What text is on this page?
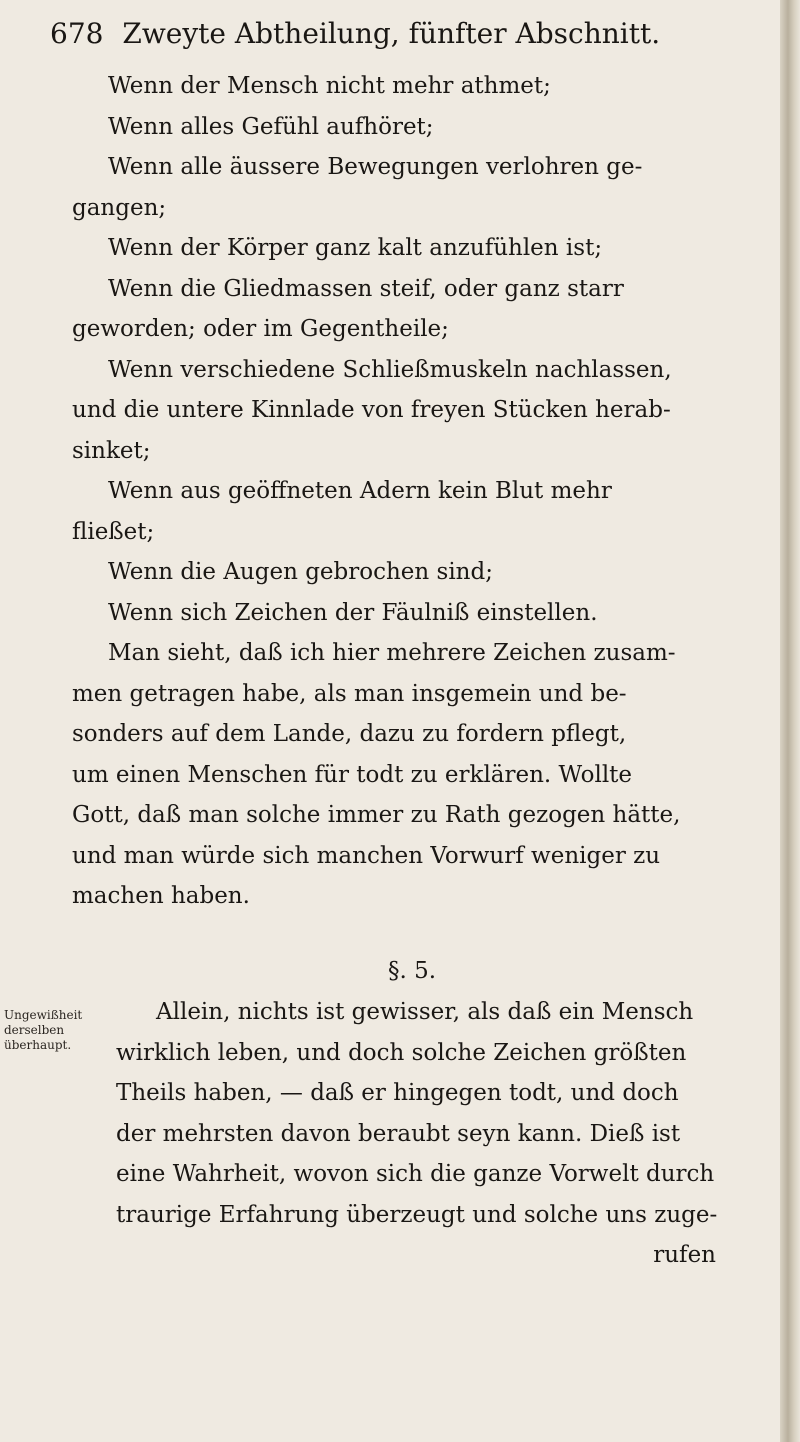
678 Zweyte Abtheilung, fünfter Abschnitt.
Wenn der Mensch nicht mehr athmet;
Wenn alles Gefühl aufhöret;
Wenn alle äussere Bewegungen verlohren ge-
gangen;
Wenn der Körper ganz kalt anzufühlen ist;
Wenn die Gliedmassen steif, oder ganz starr
geworden; oder im Gegentheile;
Wenn verschiedene Schließmuskeln nachlassen,
und die untere Kinnlade von freyen Stücken herab-
sinket;
Wenn aus geöffneten Adern kein Blut mehr
fließet;
Wenn die Augen gebrochen sind;
Wenn sich Zeichen der Fäulniß einstellen.
Man sieht, daß ich hier mehrere Zeichen zusam-
men getragen habe, als man insgemein und be-
sonders auf dem Lande, dazu zu fordern pflegt,
um einen Menschen für todt zu erklären. Wollte
Gott, daß man solche immer zu Rath gezogen hätte,
und man würde sich manchen Vorwurf weniger zu
machen haben.
§. 5.
Ungewißheit
derselben
überhaupt.
Allein, nichts ist gewisser, als daß ein Mensch
wirklich leben, und doch solche Zeichen größten
Theils haben, — daß er hingegen todt, und doch
der mehrsten davon beraubt seyn kann. Dieß ist
eine Wahrheit, wovon sich die ganze Vorwelt durch
traurige Erfahrung überzeugt und solche uns zuge-
rufen
